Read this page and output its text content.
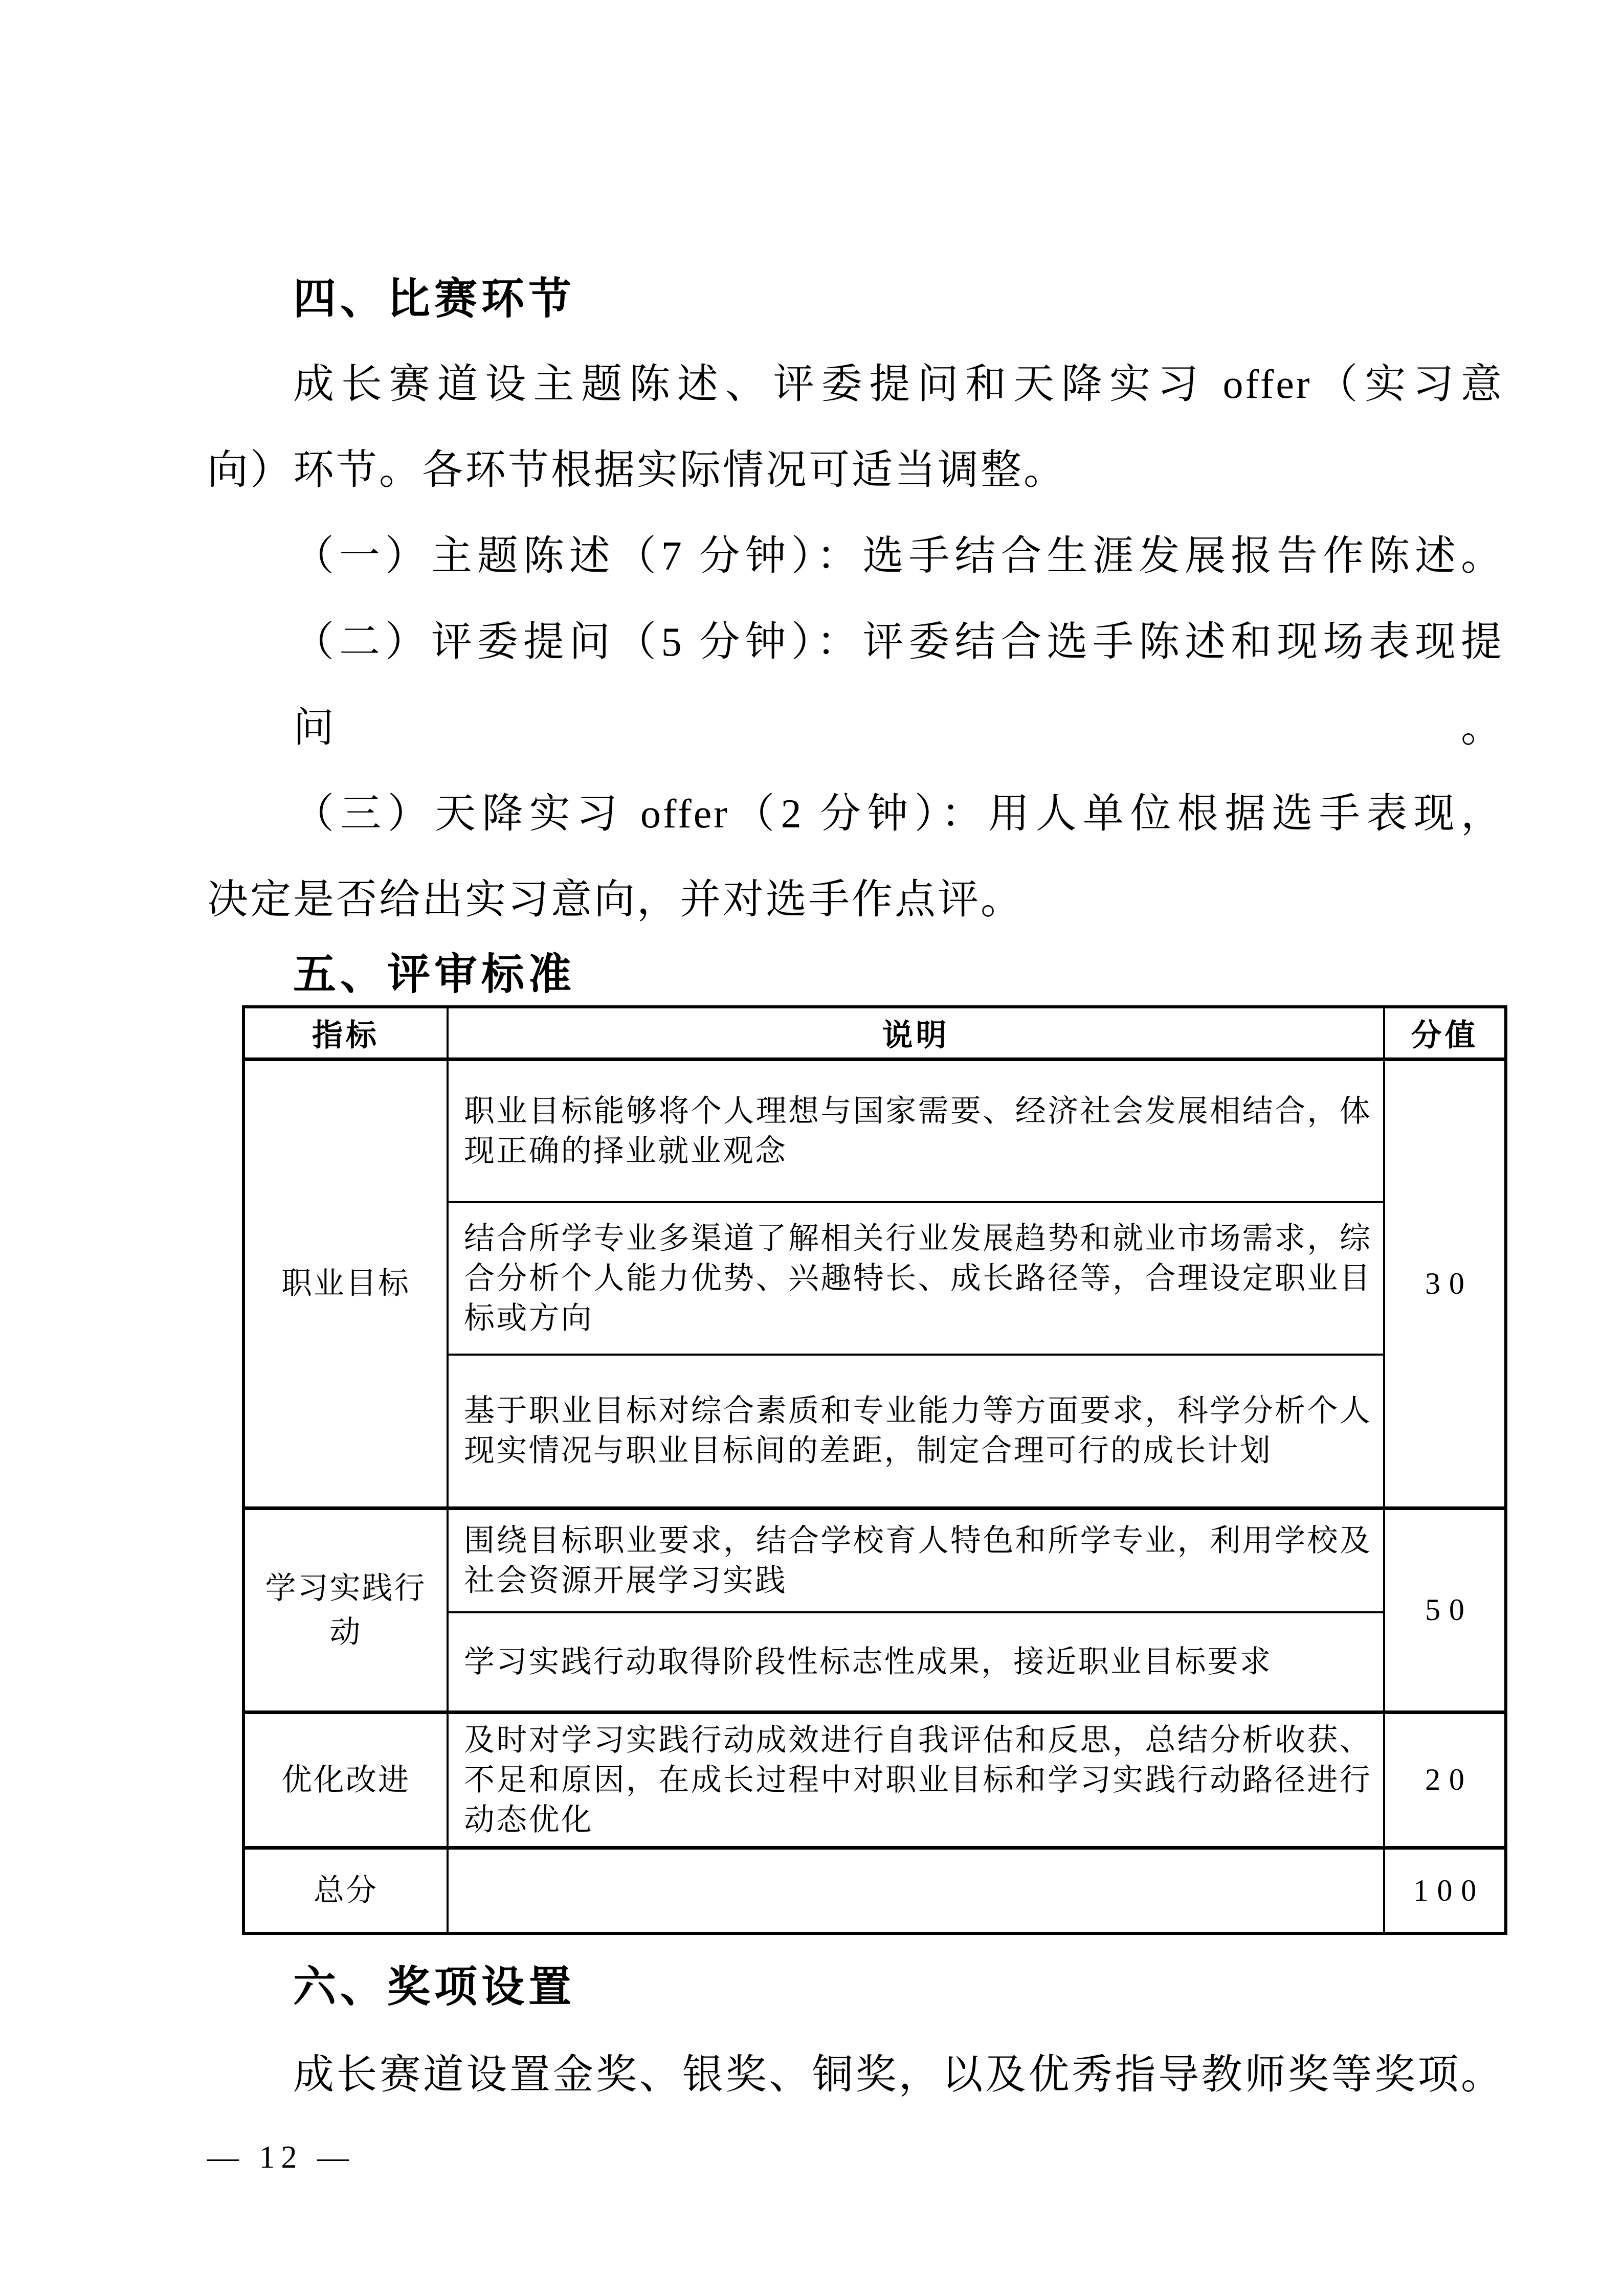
四、比赛环节
成长赛道设主题陈述、评委提问和天降实习 offer（实习意
向）环节。各环节根据实际情况可适当调整。
（一）主题陈述（7 分钟）：选手结合生涯发展报告作陈述。
（二）评委提问（5 分钟）：评委结合选手陈述和现场表现提问。
（三）天降实习 offer（2 分钟）：用人单位根据选手表现，
决定是否给出实习意向，并对选手作点评。
五、评审标准
指标	说明	分值
职业目标	职业目标能够将个人理想与国家需要、经济社会发展相结合，体现正确的择业就业观念	30
	结合所学专业多渠道了解相关行业发展趋势和就业市场需求，综合分析个人能力优势、兴趣特长、成长路径等，合理设定职业目标或方向	
	基于职业目标对综合素质和专业能力等方面要求，科学分析个人现实情况与职业目标间的差距，制定合理可行的成长计划	
学习实践行动	围绕目标职业要求，结合学校育人特色和所学专业，利用学校及社会资源开展学习实践	50
	学习实践行动取得阶段性标志性成果，接近职业目标要求	
优化改进	及时对学习实践行动成效进行自我评估和反思，总结分析收获、不足和原因，在成长过程中对职业目标和学习实践行动路径进行动态优化	20
总分		100
六、奖项设置
成长赛道设置金奖、银奖、铜奖，以及优秀指导教师奖等奖项。
— 12 —
